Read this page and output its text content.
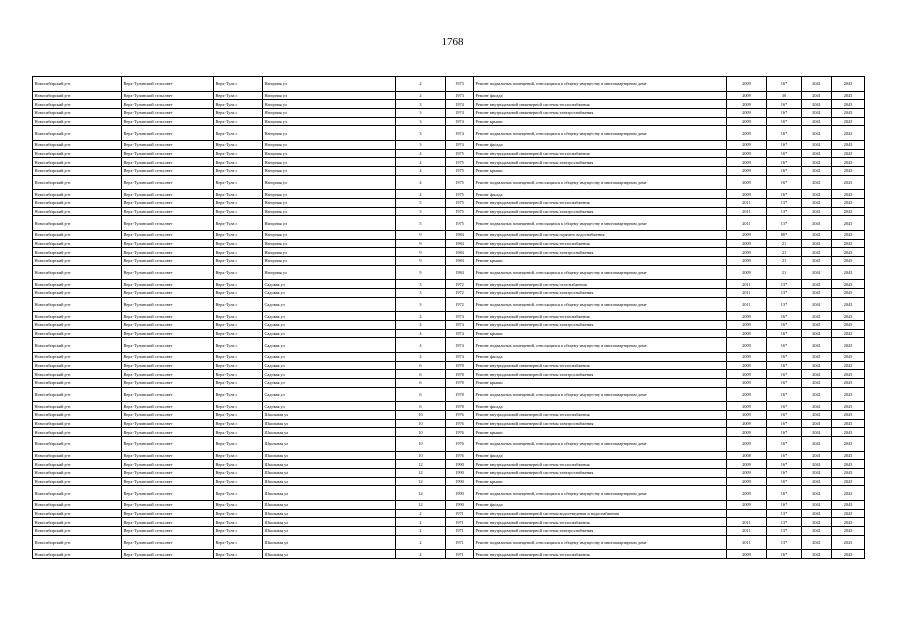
1768
Новосибирский р-н	Верх-Тулинский сельсовет	Верх-Тула с	Нагорная ул	2	1973	Ремонт подвальных помещений, относящихся к общему имуществу в многоквартирном доме	2009	16*	2041	2043
Новосибирский р-н	Верх-Тулинский сельсовет	Верх-Тула с	Нагорная ул	2	1973	Ремонт фасада	2009	30	2041	2043
Новосибирский р-н	Верх-Тулинский сельсовет	Верх-Тула с	Нагорная ул	3	1974	Ремонт внутридомовой инженерной системы теплоснабжения	2009	16*	2041	2043
Новосибирский р-н	Верх-Тулинский сельсовет	Верх-Тула с	Нагорная ул	3	1974	Ремонт внутридомовой инженерной системы электроснабжения	2009	16*	2041	2043
Новосибирский р-н	Верх-Тулинский сельсовет	Верх-Тула с	Нагорная ул	3	1974	Ремонт крыши	2009	16*	2041	2043
Новосибирский р-н	Верх-Тулинский сельсовет	Верх-Тула с	Нагорная ул	3	1974	Ремонт подвальных помещений, относящихся к общему имуществу в многоквартирном доме	2009	16*	2041	2043
Новосибирский р-н	Верх-Тулинский сельсовет	Верх-Тула с	Нагорная ул	3	1974	Ремонт фасада	2009	16*	2041	2043
Новосибирский р-н	Верх-Тулинский сельсовет	Верх-Тула с	Нагорная ул	4	1975	Ремонт внутридомовой инженерной системы теплоснабжения	2009	16*	2041	2043
Новосибирский р-н	Верх-Тулинский сельсовет	Верх-Тула с	Нагорная ул	4	1975	Ремонт внутридомовой инженерной системы электроснабжения	2009	16*	2041	2043
Новосибирский р-н	Верх-Тулинский сельсовет	Верх-Тула с	Нагорная ул	4	1975	Ремонт крыши	2009	16*	2041	2043
Новосибирский р-н	Верх-Тулинский сельсовет	Верх-Тула с	Нагорная ул	4	1975	Ремонт подвальных помещений, относящихся к общему имуществу в многоквартирном доме	2009	16*	2041	2043
Новосибирский р-н	Верх-Тулинский сельсовет	Верх-Тула с	Нагорная ул	4	1975	Ремонт фасада	2009	16*	2041	2043
Новосибирский р-н	Верх-Тулинский сельсовет	Верх-Тула с	Нагорная ул	5	1975	Ремонт внутридомовой инженерной системы теплоснабжения	2011	13*	2041	2043
Новосибирский р-н	Верх-Тулинский сельсовет	Верх-Тула с	Нагорная ул	5	1975	Ремонт внутридомовой инженерной системы электроснабжения	2011	13*	2041	2043
Новосибирский р-н	Верх-Тулинский сельсовет	Верх-Тула с	Нагорная ул	5	1975	Ремонт подвальных помещений, относящихся к общему имуществу в многоквартирном доме	2011	13*	2041	2043
Новосибирский р-н	Верх-Тулинский сельсовет	Верх-Тула с	Нагорная ул	9	1984	Ремонт внутридомовой инженерной системы горячего водоснабжения	2009	80*	2041	2043
Новосибирский р-н	Верх-Тулинский сельсовет	Верх-Тула с	Нагорная ул	9	1984	Ремонт внутридомовой инженерной системы теплоснабжения	2009	21	2041	2043
Новосибирский р-н	Верх-Тулинский сельсовет	Верх-Тула с	Нагорная ул	9	1984	Ремонт внутридомовой инженерной системы электроснабжения	2009	21	2041	2043
Новосибирский р-н	Верх-Тулинский сельсовет	Верх-Тула с	Нагорная ул	9	1984	Ремонт крыши	2009	21	2041	2043
Новосибирский р-н	Верх-Тулинский сельсовет	Верх-Тула с	Нагорная ул	9	1984	Ремонт подвальных помещений, относящихся к общему имуществу в многоквартирном доме	2009	21	2041	2043
Новосибирский р-н	Верх-Тулинский сельсовет	Верх-Тула с	Садовая ул	3	1972	Ремонт внутридомовой инженерной системы газоснабжения	2011	13*	2041	2043
Новосибирский р-н	Верх-Тулинский сельсовет	Верх-Тула с	Садовая ул	3	1972	Ремонт внутридомовой инженерной системы электроснабжения	2011	13*	2041	2043
Новосибирский р-н	Верх-Тулинский сельсовет	Верх-Тула с	Садовая ул	3	1972	Ремонт подвальных помещений, относящихся к общему имуществу в многоквартирном доме	2011	13*	2041	2043
Новосибирский р-н	Верх-Тулинский сельсовет	Верх-Тула с	Садовая ул	4	1974	Ремонт внутридомовой инженерной системы теплоснабжения	2009	16*	2041	2043
Новосибирский р-н	Верх-Тулинский сельсовет	Верх-Тула с	Садовая ул	4	1974	Ремонт внутридомовой инженерной системы электроснабжения	2009	16*	2041	2043
Новосибирский р-н	Верх-Тулинский сельсовет	Верх-Тула с	Садовая ул	4	1974	Ремонт крыши	2009	16*	2041	2043
Новосибирский р-н	Верх-Тулинский сельсовет	Верх-Тула с	Садовая ул	4	1974	Ремонт подвальных помещений, относящихся к общему имуществу в многоквартирном доме	2009	16*	2041	2043
Новосибирский р-н	Верх-Тулинский сельсовет	Верх-Тула с	Садовая ул	4	1974	Ремонт фасада	2009	16*	2041	2043
Новосибирский р-н	Верх-Тулинский сельсовет	Верх-Тула с	Садовая ул	6	1978	Ремонт внутридомовой инженерной системы теплоснабжения	2009	16*	2041	2043
Новосибирский р-н	Верх-Тулинский сельсовет	Верх-Тула с	Садовая ул	6	1978	Ремонт внутридомовой инженерной системы электроснабжения	2009	16*	2041	2043
Новосибирский р-н	Верх-Тулинский сельсовет	Верх-Тула с	Садовая ул	6	1978	Ремонт крыши	2009	16*	2041	2043
Новосибирский р-н	Верх-Тулинский сельсовет	Верх-Тула с	Садовая ул	6	1978	Ремонт подвальных помещений, относящихся к общему имуществу в многоквартирном доме	2009	16*	2041	2043
Новосибирский р-н	Верх-Тулинский сельсовет	Верх-Тула с	Садовая ул	6	1978	Ремонт фасада	2009	16*	2041	2043
Новосибирский р-н	Верх-Тулинский сельсовет	Верх-Тула с	Школьная ул	10	1976	Ремонт внутридомовой инженерной системы теплоснабжения	2009	16*	2041	2043
Новосибирский р-н	Верх-Тулинский сельсовет	Верх-Тула с	Школьная ул	10	1976	Ремонт внутридомовой инженерной системы электроснабжения	2009	16*	2041	2043
Новосибирский р-н	Верх-Тулинский сельсовет	Верх-Тула с	Школьная ул	10	1976	Ремонт крыши	2009	16*	2041	2043
Новосибирский р-н	Верх-Тулинский сельсовет	Верх-Тула с	Школьная ул	10	1976	Ремонт подвальных помещений, относящихся к общему имуществу в многоквартирном доме	2009	16*	2041	2043
Новосибирский р-н	Верх-Тулинский сельсовет	Верх-Тула с	Школьная ул	10	1976	Ремонт фасада	2008	16*	2041	2043
Новосибирский р-н	Верх-Тулинский сельсовет	Верх-Тула с	Школьная ул	12	1990	Ремонт внутридомовой инженерной системы теплоснабжения	2009	16*	2041	2043
Новосибирский р-н	Верх-Тулинский сельсовет	Верх-Тула с	Школьная ул	12	1990	Ремонт внутридомовой инженерной системы электроснабжения	2009	16*	2041	2043
Новосибирский р-н	Верх-Тулинский сельсовет	Верх-Тула с	Школьная ул	12	1990	Ремонт крыши	2009	16*	2041	2043
Новосибирский р-н	Верх-Тулинский сельсовет	Верх-Тула с	Школьная ул	12	1990	Ремонт подвальных помещений, относящихся к общему имуществу в многоквартирном доме	2009	16*	2041	2043
Новосибирский р-н	Верх-Тулинский сельсовет	Верх-Тула с	Школьная ул	12	1990	Ремонт фасада	2009	16*	2041	2043
Новосибирский р-н	Верх-Тулинский сельсовет	Верх-Тула с	Школьная ул	2	1971	Ремонт внутридомовой инженерной системы водоотведения и водоснабжения		13*	2041	2043
Новосибирский р-н	Верх-Тулинский сельсовет	Верх-Тула с	Школьная ул	2	1971	Ремонт внутридомовой инженерной системы теплоснабжения	2011	13*	2041	2043
Новосибирский р-н	Верх-Тулинский сельсовет	Верх-Тула с	Школьная ул	2	1971	Ремонт внутридомовой инженерной системы электроснабжения	2011	13*	2041	2043
Новосибирский р-н	Верх-Тулинский сельсовет	Верх-Тула с	Школьная ул	2	1971	Ремонт подвальных помещений, относящихся к общему имуществу в многоквартирном доме	2011	13*	2041	2043
Новосибирский р-н	Верх-Тулинский сельсовет	Верх-Тула с	Школьная ул	4	1971	Ремонт внутридомовой инженерной системы теплоснабжения	2009	16*	2041	2043
